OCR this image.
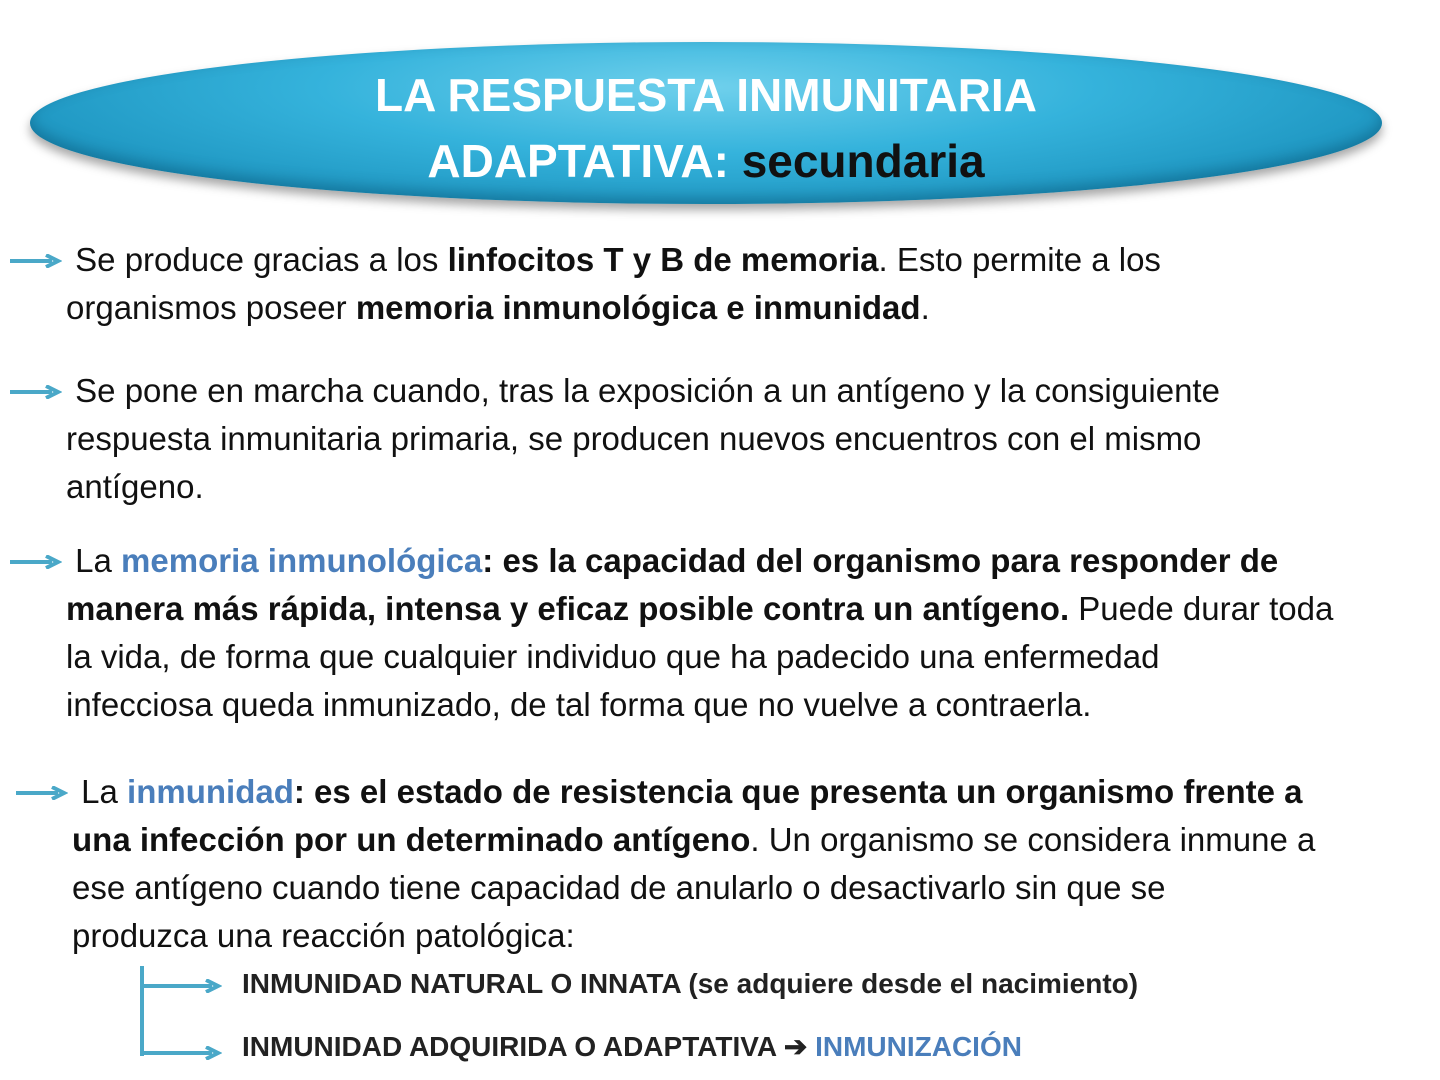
LA RESPUESTA INMUNITARIA
ADAPTATIVA: secundaria
Se produce gracias a los linfocitos T y B de memoria. Esto permite a los
organismos poseer memoria inmunológica e inmunidad.
Se pone en marcha cuando, tras la exposición a un antígeno y la consiguiente
respuesta inmunitaria primaria, se producen nuevos encuentros con el mismo
antígeno.
La memoria inmunológica: es la capacidad del organismo para responder de
manera más rápida, intensa y eficaz posible contra un antígeno. Puede durar toda
la vida, de forma que cualquier individuo que ha padecido una enfermedad
infecciosa queda inmunizado, de tal forma que no vuelve a contraerla.
La inmunidad: es el estado de resistencia que presenta un organismo frente a
una infección por un determinado antígeno. Un organismo se considera inmune a
ese antígeno cuando tiene capacidad de anularlo o desactivarlo sin que se
produzca una reacción patológica:
INMUNIDAD NATURAL O INNATA (se adquiere desde el nacimiento)
INMUNIDAD ADQUIRIDA O ADAPTATIVA ➔ INMUNIZACIÓN
